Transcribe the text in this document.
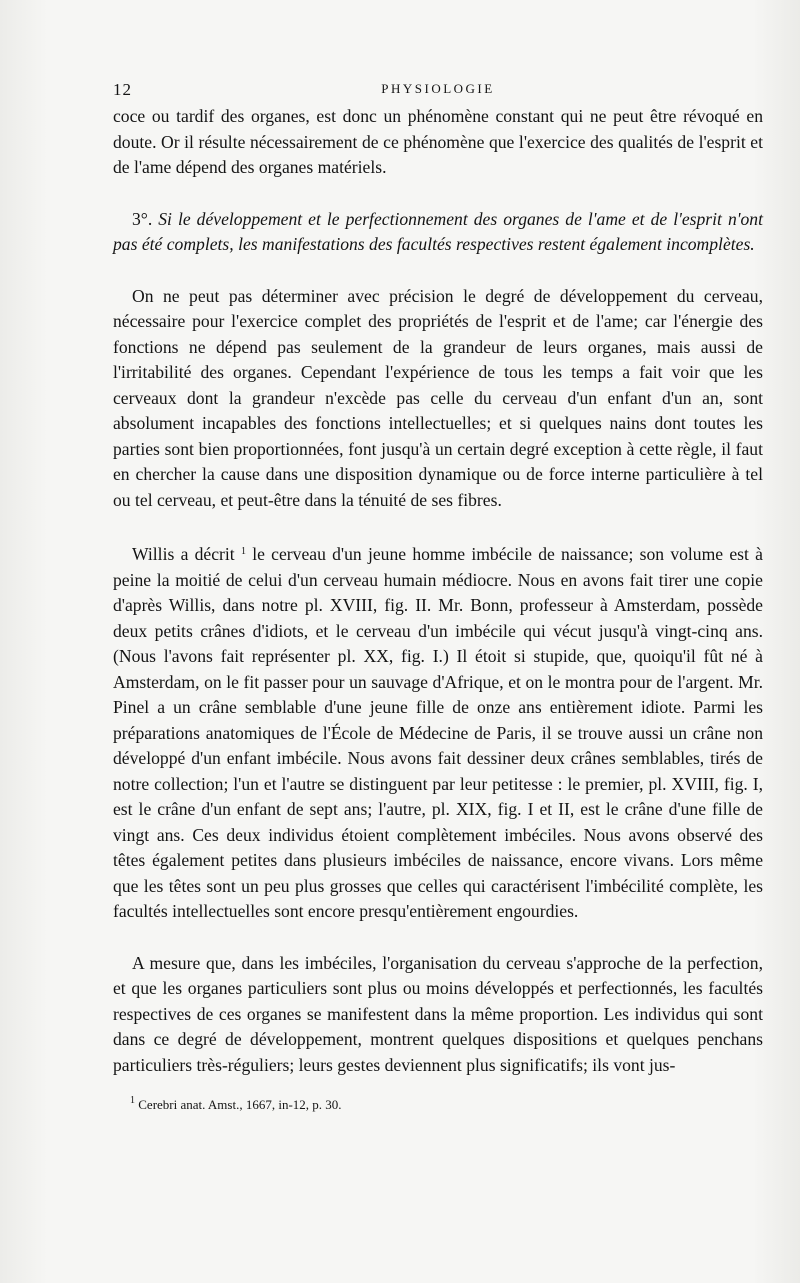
12	PHYSIOLOGIE

coce ou tardif des organes, est donc un phénomène constant qui ne peut être révoqué en doute. Or il résulte nécessairement de ce phénomène que l'exercice des qualités de l'esprit et de l'ame dépend des organes matériels.

3°. Si le développement et le perfectionnement des organes de l'ame et de l'esprit n'ont pas été complets, les manifestations des facultés respectives restent également incomplètes.

On ne peut pas déterminer avec précision le degré de développement du cerveau, nécessaire pour l'exercice complet des propriétés de l'esprit et de l'ame; car l'énergie des fonctions ne dépend pas seulement de la grandeur de leurs organes, mais aussi de l'irritabilité des organes. Cependant l'expérience de tous les temps a fait voir que les cerveaux dont la grandeur n'excède pas celle du cerveau d'un enfant d'un an, sont absolument incapables des fonctions intellectuelles; et si quelques nains dont toutes les parties sont bien proportionnées, font jusqu'à un certain degré exception à cette règle, il faut en chercher la cause dans une disposition dynamique ou de force interne particulière à tel ou tel cerveau, et peut-être dans la ténuité de ses fibres.

Willis a décrit $^1$ le cerveau d'un jeune homme imbécile de naissance; son volume est à peine la moitié de celui d'un cerveau humain médiocre. Nous en avons fait tirer une copie d'après Willis, dans notre pl. XVIII, fig. II. Mr. Bonn, professeur à Amsterdam, possède deux petits crânes d'idiots, et le cerveau d'un imbécile qui vécut jusqu'à vingt-cinq ans. (Nous l'avons fait représenter pl. XX, fig. I.) Il étoit si stupide, que, quoiqu'il fût né à Amsterdam, on le fit passer pour un sauvage d'Afrique, et on le montra pour de l'argent. Mr. Pinel a un crâne semblable d'une jeune fille de onze ans entièrement idiote. Parmi les préparations anatomiques de l'École de Médecine de Paris, il se trouve aussi un crâne non développé d'un enfant imbécile. Nous avons fait dessiner deux crânes semblables, tirés de notre collection; l'un et l'autre se distinguent par leur petitesse : le premier, pl. XVIII, fig. I, est le crâne d'un enfant de sept ans; l'autre, pl. XIX, fig. I et II, est le crâne d'une fille de vingt ans. Ces deux individus étoient complètement imbéciles. Nous avons observé des têtes également petites dans plusieurs imbéciles de naissance, encore vivans. Lors même que les têtes sont un peu plus grosses que celles qui caractérisent l'imbécilité complète, les facultés intellectuelles sont encore presqu'entièrement engourdies.

A mesure que, dans les imbéciles, l'organisation du cerveau s'approche de la perfection, et que les organes particuliers sont plus ou moins développés et perfectionnés, les facultés respectives de ces organes se manifestent dans la même proportion. Les individus qui sont dans ce degré de développement, montrent quelques dispositions et quelques penchans particuliers très-réguliers; leurs gestes deviennent plus significatifs; ils vont jus-

$^1$ Cerebri anat. Amst., 1667, in-12, p. 30.
